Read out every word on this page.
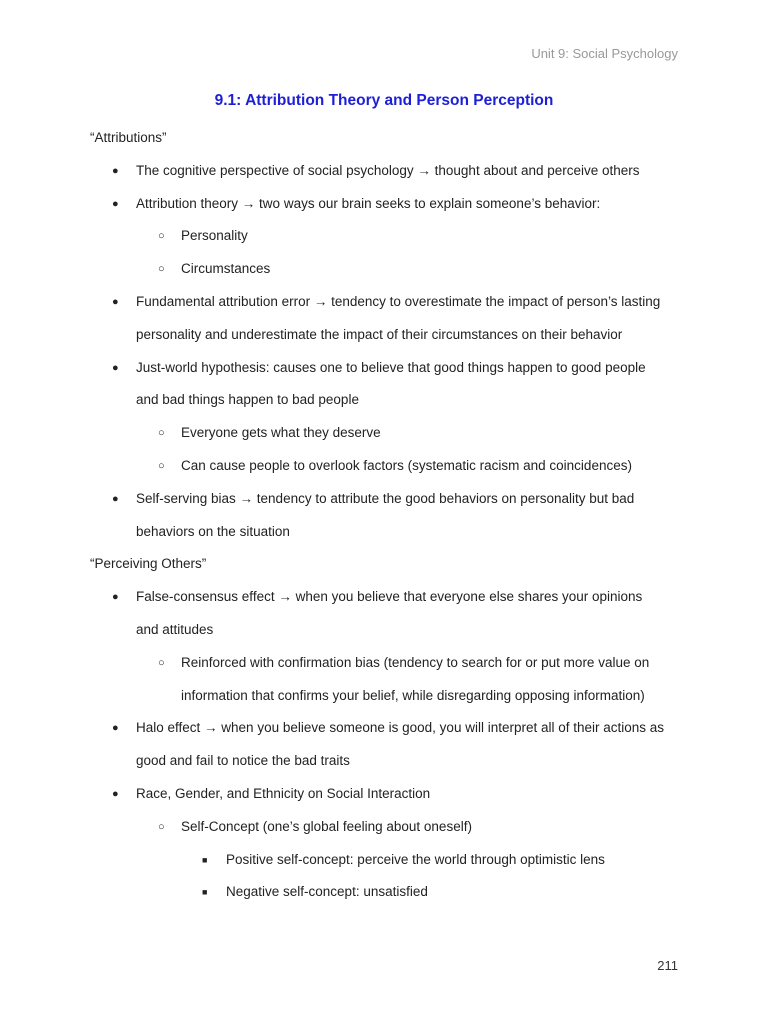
Unit 9: Social Psychology
9.1: Attribution Theory and Person Perception
“Attributions”
● The cognitive perspective of social psychology → thought about and perceive others
● Attribution theory → two ways our brain seeks to explain someone’s behavior:
○ Personality
○ Circumstances
● Fundamental attribution error → tendency to overestimate the impact of person’s lasting
personality and underestimate the impact of their circumstances on their behavior
● Just-world hypothesis: causes one to believe that good things happen to good people
and bad things happen to bad people
○ Everyone gets what they deserve
○ Can cause people to overlook factors (systematic racism and coincidences)
● Self-serving bias → tendency to attribute the good behaviors on personality but bad
behaviors on the situation
“Perceiving Others”
● False-consensus effect → when you believe that everyone else shares your opinions
and attitudes
○ Reinforced with confirmation bias (tendency to search for or put more value on
information that confirms your belief, while disregarding opposing information)
● Halo effect → when you believe someone is good, you will interpret all of their actions as
good and fail to notice the bad traits
● Race, Gender, and Ethnicity on Social Interaction
○ Self-Concept (one’s global feeling about oneself)
■ Positive self-concept: perceive the world through optimistic lens
■ Negative self-concept: unsatisfied
211
